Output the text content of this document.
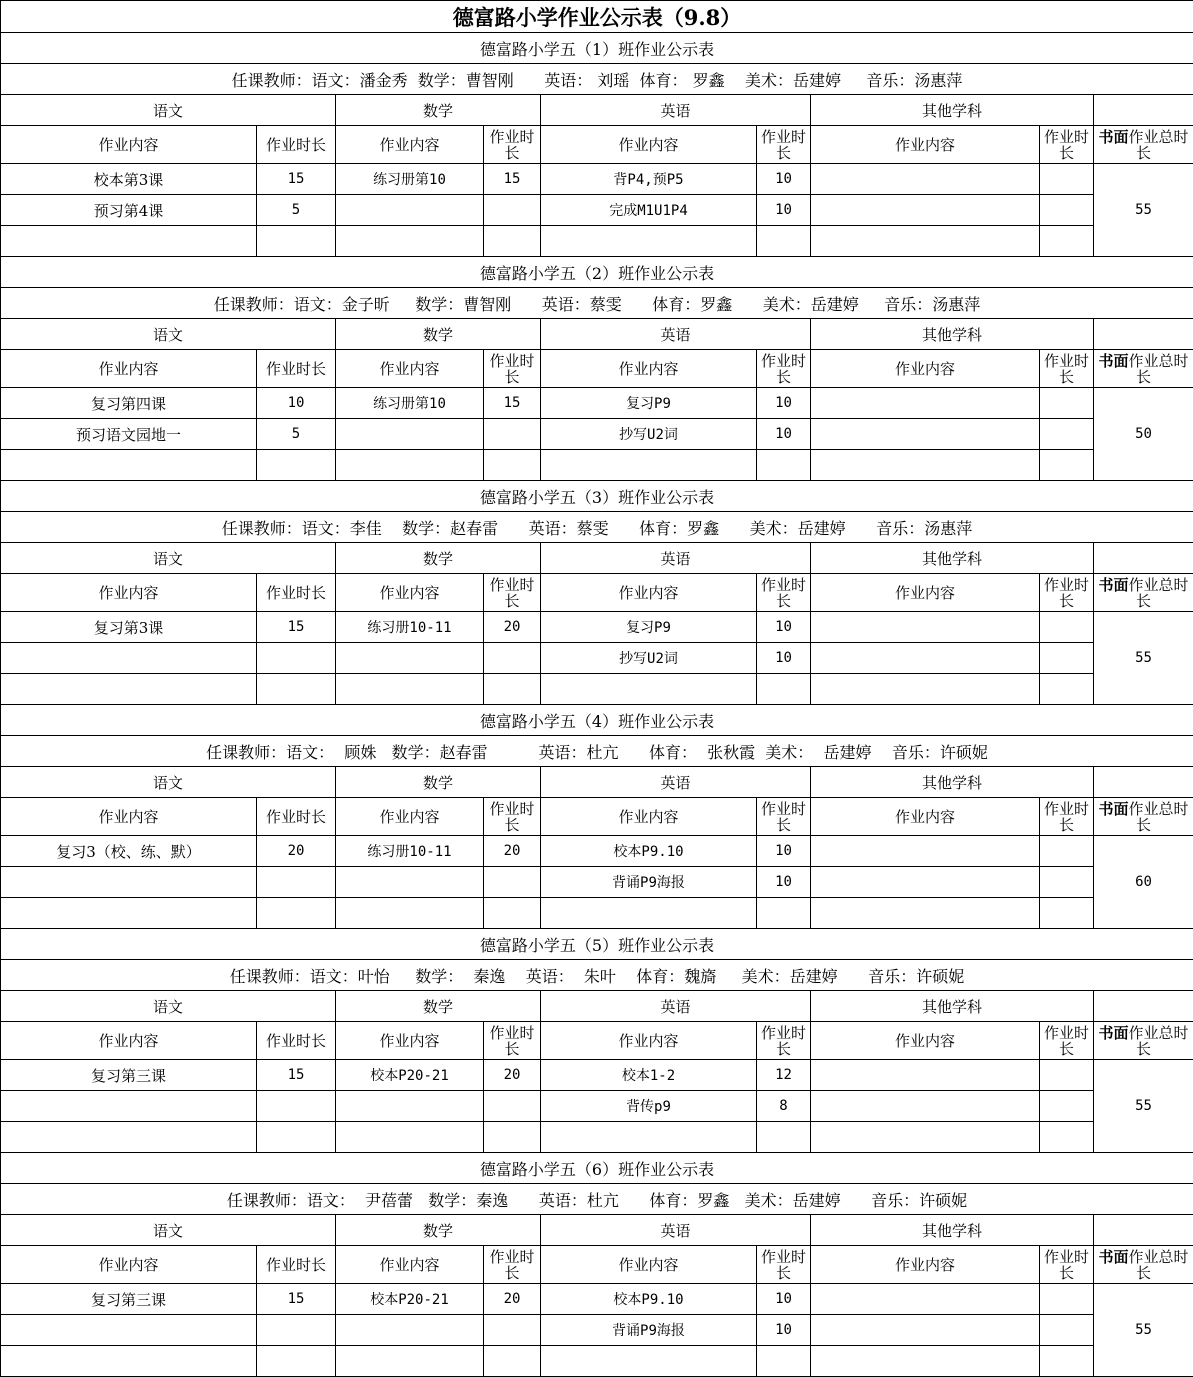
德富路小学作业公示表（9.8）								
德富路小学五（1）班作业公示表								
任课教师：语文：潘金秀  数学：曹智刚      英语： 刘瑶  体育： 罗鑫    美术：岳建婷     音乐：汤惠萍								
语文		数学		英语		其他学科		
作业内容	作业时长	作业内容	作业时长	作业内容	作业时长	作业内容	作业时长	书面作业总时长
校本第3课	15	练习册第10	15	背P4,预P5	10			55
预习第4课	5			完成M1U1P4	10			

德富路小学五（2）班作业公示表								
任课教师：语文：金子昕     数学：曹智刚      英语：蔡雯      体育：罗鑫      美术：岳建婷     音乐：汤惠萍								
语文		数学		英语		其他学科		
作业内容	作业时长	作业内容	作业时长	作业内容	作业时长	作业内容	作业时长	书面作业总时长
复习第四课	10	练习册第10	15	复习P9	10			50
预习语文园地一	5			抄写U2词	10			

德富路小学五（3）班作业公示表								
任课教师：语文：李佳    数学：赵春雷      英语：蔡雯      体育：罗鑫      美术：岳建婷      音乐：汤惠萍								
语文		数学		英语		其他学科		
作业内容	作业时长	作业内容	作业时长	作业内容	作业时长	作业内容	作业时长	书面作业总时长
复习第3课	15	练习册10-11	20	复习P9	10			55
				抄写U2词	10			

德富路小学五（4）班作业公示表								
任课教师：语文：  顾姝   数学：赵春雷          英语：杜亢      体育：  张秋霞  美术：  岳建婷    音乐：许硕妮								
语文		数学		英语		其他学科		
作业内容	作业时长	作业内容	作业时长	作业内容	作业时长	作业内容	作业时长	书面作业总时长
复习3（校、练、默）	20	练习册10-11	20	校本P9.10	10			60
				背诵P9海报	10			

德富路小学五（5）班作业公示表								
任课教师：语文：叶怡     数学：  秦逸    英语：  朱叶    体育：魏旖     美术：岳建婷      音乐：许硕妮								
语文		数学		英语		其他学科		
作业内容	作业时长	作业内容	作业时长	作业内容	作业时长	作业内容	作业时长	书面作业总时长
复习第三课	15	校本P20-21	20	校本1-2	12			55
				背传p9	8			

德富路小学五（6）班作业公示表								
任课教师：语文：  尹蓓蕾   数学：秦逸      英语：杜亢      体育：罗鑫   美术：岳建婷      音乐：许硕妮								
语文		数学		英语		其他学科		
作业内容	作业时长	作业内容	作业时长	作业内容	作业时长	作业内容	作业时长	书面作业总时长
复习第三课	15	校本P20-21	20	校本P9.10	10			55
				背诵P9海报	10			
